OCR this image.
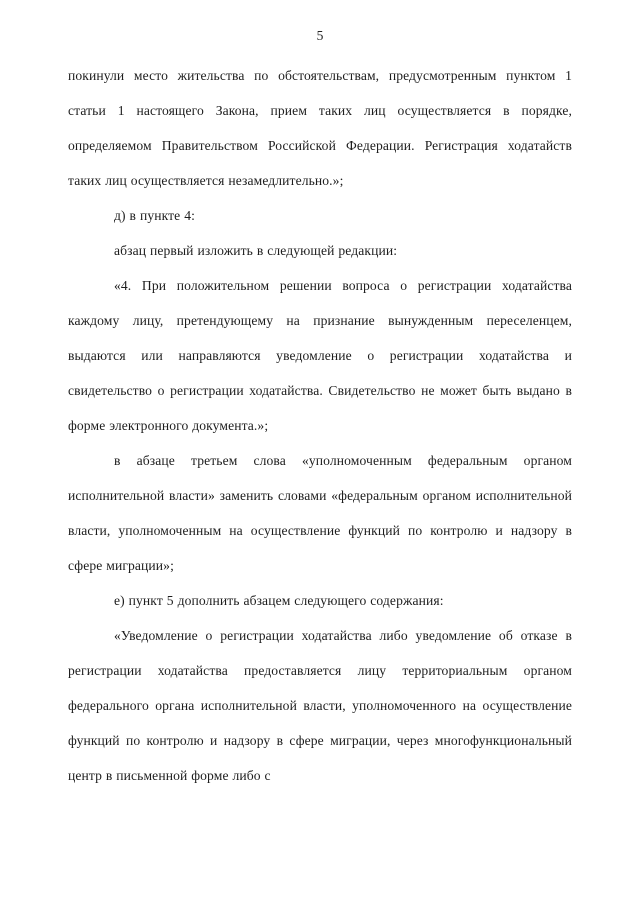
5

покинули место жительства по обстоятельствам, предусмотренным пунктом 1 статьи 1 настоящего Закона, прием таких лиц осуществляется в порядке, определяемом Правительством Российской Федерации. Регистрация ходатайств таких лиц осуществляется незамедлительно.»;

д) в пункте 4:

абзац первый изложить в следующей редакции:

«4. При положительном решении вопроса о регистрации ходатайства каждому лицу, претендующему на признание вынужденным переселенцем, выдаются или направляются уведомление о регистрации ходатайства и свидетельство о регистрации ходатайства. Свидетельство не может быть выдано в форме электронного документа.»;

в абзаце третьем слова «уполномоченным федеральным органом исполнительной власти» заменить словами «федеральным органом исполнительной власти, уполномоченным на осуществление функций по контролю и надзору в сфере миграции»;

е) пункт 5 дополнить абзацем следующего содержания:

«Уведомление о регистрации ходатайства либо уведомление об отказе в регистрации ходатайства предоставляется лицу территориальным органом федерального органа исполнительной власти, уполномоченного на осуществление функций по контролю и надзору в сфере миграции, через многофункциональный центр в письменной форме либо с
